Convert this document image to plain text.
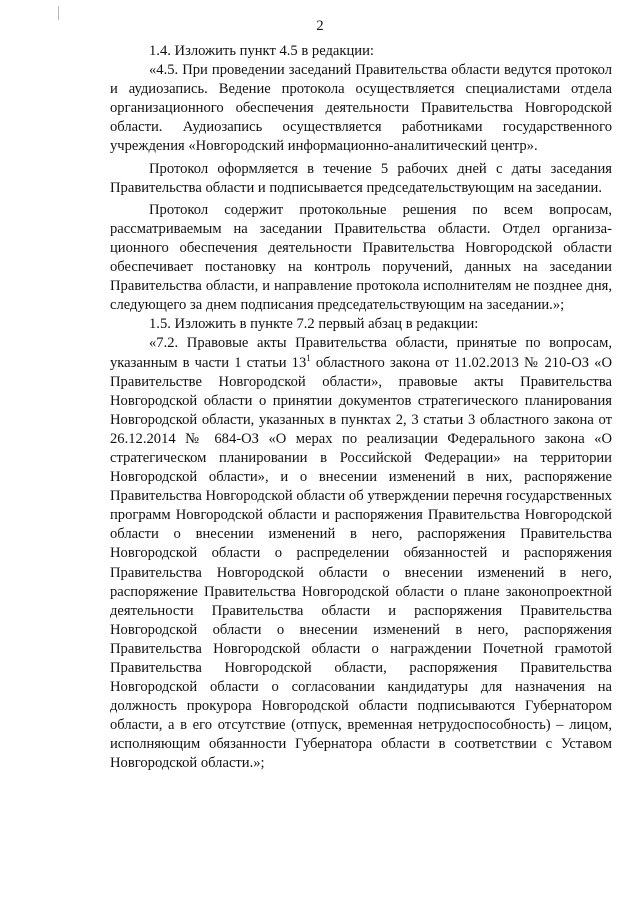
2

1.4. Изложить пункт 4.5 в редакции:

«4.5. При проведении заседаний Правительства области ведутся протокол и аудиозапись. Ведение протокола осуществляется специалистами отдела организационного обеспечения деятельности Правительства Новгородской области. Аудиозапись осуществляется работниками государственного учреждения «Новгородский информационно-аналитический центр».

Протокол оформляется в течение 5 рабочих дней с даты заседания Правительства области и подписывается председательствующим на заседании.

Протокол содержит протокольные решения по всем вопросам, рассматриваемым на заседании Правительства области. Отдел организационного обеспечения деятельности Правительства Новгородской области обеспечивает постановку на контроль поручений, данных на заседании Правительства области, и направление протокола исполнителям не позднее дня, следующего за днем подписания председательствующим на заседании.»;

1.5. Изложить в пункте 7.2 первый абзац в редакции:

«7.2. Правовые акты Правительства области, принятые по вопросам, указанным в части 1 статьи $13^1$ областного закона от 11.02.2013 № 210-ОЗ «О Правительстве Новгородской области», правовые акты Правительства Новгородской области о принятии документов стратегического планирования Новгородской области, указанных в пунктах 2, 3 статьи 3 областного закона от 26.12.2014 № 684-ОЗ «О мерах по реализации Федерального закона «О стратегическом планировании в Российской Федерации» на территории Новгородской области», и о внесении изменений в них, распоряжение Правительства Новгородской области об утверждении перечня государственных программ Новгородской области и распоряжения Правительства Новгородской области о внесении изменений в него, распоряжения Правительства Новгородской области о распределении обязанностей и распоряжения Правительства Новгородской области о внесении изменений в него, распоряжение Правительства Новгородской области о плане законопроектной деятельности Правительства области и распоряжения Правительства Новгородской области о внесении изменений в него, распоряжения Правительства Новгородской области о награждении Почетной грамотой Правительства Новгородской области, распоряжения Правительства Новгородской области о согласовании кандидатуры для назначения на должность прокурора Новгородской области подписываются Губернатором области, а в его отсутствие (отпуск, временная нетрудоспособность) – лицом, исполняющим обязанности Губернатора области в соответствии с Уставом Новгородской области.»;
